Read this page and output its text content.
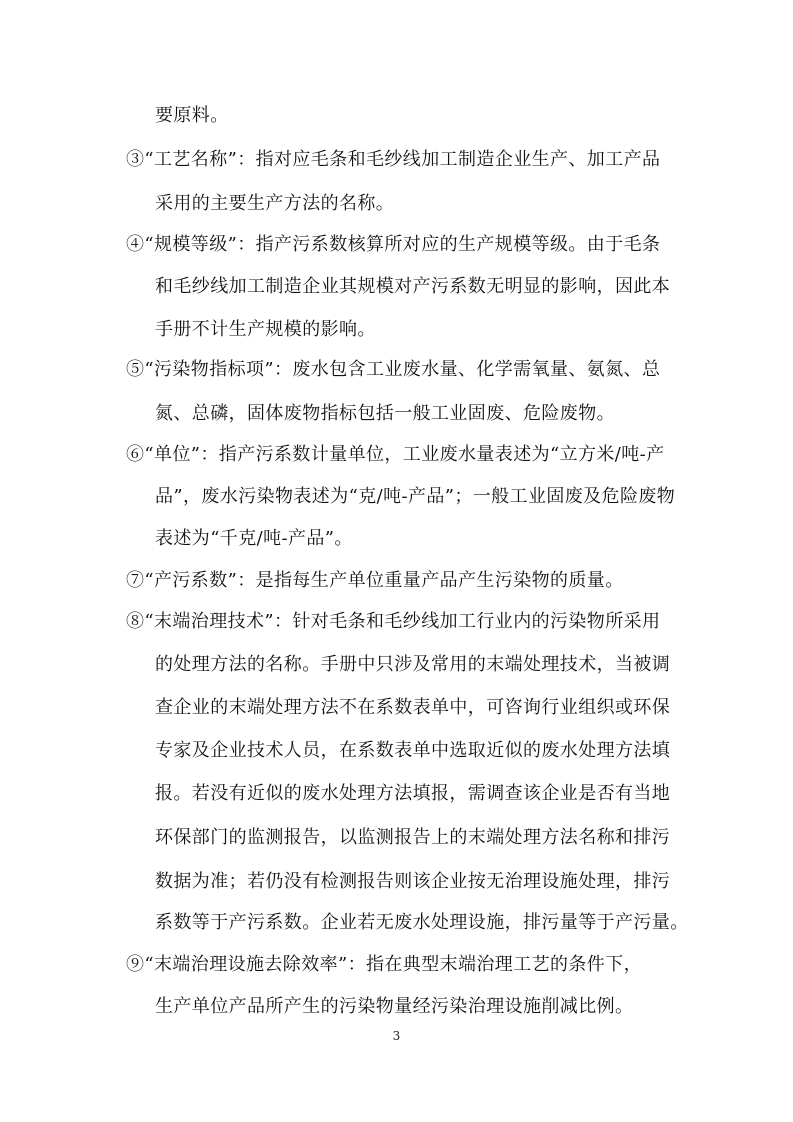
要原料。
③“工艺名称”：指对应毛条和毛纱线加工制造企业生产、加工产品
采用的主要生产方法的名称。
④“规模等级”：指产污系数核算所对应的生产规模等级。由于毛条
和毛纱线加工制造企业其规模对产污系数无明显的影响，因此本
手册不计生产规模的影响。
⑤“污染物指标项”：废水包含工业废水量、化学需氧量、氨氮、总
氮、总磷，固体废物指标包括一般工业固废、危险废物。
⑥“单位”：指产污系数计量单位，工业废水量表述为“立方米/吨-产
品”，废水污染物表述为“克/吨-产品”；一般工业固废及危险废物
表述为“千克/吨-产品”。
⑦“产污系数”：是指每生产单位重量产品产生污染物的质量。
⑧“末端治理技术”：针对毛条和毛纱线加工行业内的污染物所采用
的处理方法的名称。手册中只涉及常用的末端处理技术，当被调
查企业的末端处理方法不在系数表单中，可咨询行业组织或环保
专家及企业技术人员，在系数表单中选取近似的废水处理方法填
报。若没有近似的废水处理方法填报，需调查该企业是否有当地
环保部门的监测报告，以监测报告上的末端处理方法名称和排污
数据为准；若仍没有检测报告则该企业按无治理设施处理，排污
系数等于产污系数。企业若无废水处理设施，排污量等于产污量。
⑨“末端治理设施去除效率”：指在典型末端治理工艺的条件下，
生产单位产品所产生的污染物量经污染治理设施削减比例。
3
